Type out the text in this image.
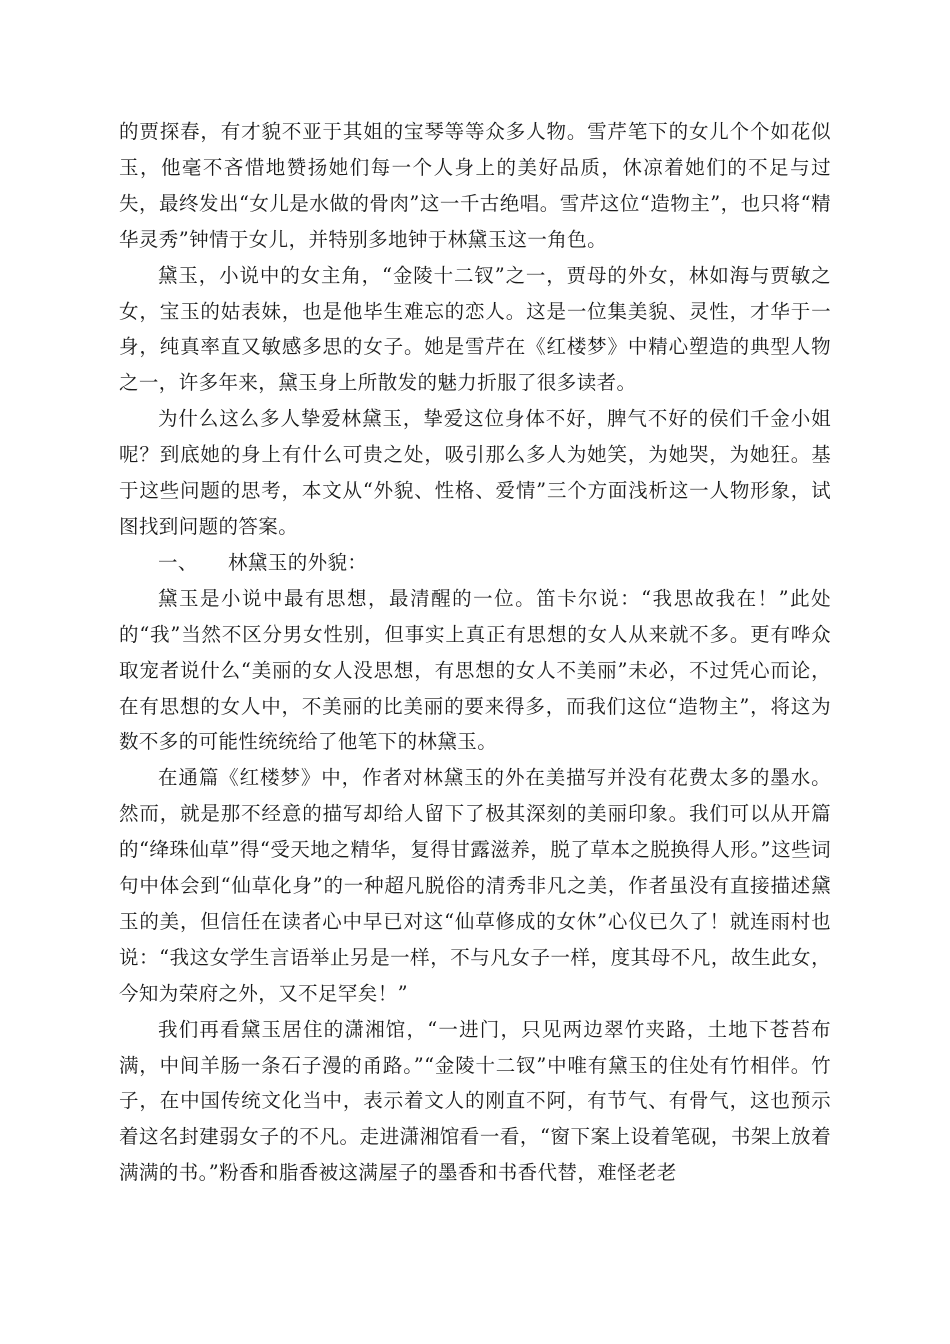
的贾探春，有才貌不亚于其姐的宝琴等等众多人物。雪芹笔下的女儿个个如花似玉，他毫不吝惜地赞扬她们每一个人身上的美好品质，休凉着她们的不足与过失，最终发出“女儿是水做的骨肉”这一千古绝唱。雪芹这位“造物主”，也只将“精华灵秀”钟情于女儿，并特别多地钟于林黛玉这一角色。

黛玉，小说中的女主角，“金陵十二钗”之一，贾母的外女，林如海与贾敏之女，宝玉的姑表妹，也是他毕生难忘的恋人。这是一位集美貌、灵性，才华于一身，纯真率直又敏感多思的女子。她是雪芹在《红楼梦》中精心塑造的典型人物之一，许多年来，黛玉身上所散发的魅力折服了很多读者。

为什么这么多人挚爱林黛玉，挚爱这位身体不好，脾气不好的侯们千金小姐呢？到底她的身上有什么可贵之处，吸引那么多人为她笑，为她哭，为她狂。基于这些问题的思考，本文从“外貌、性格、爱情”三个方面浅析这一人物形象，试图找到问题的答案。

一、 林黛玉的外貌：

黛玉是小说中最有思想，最清醒的一位。笛卡尔说：“我思故我在！”此处的“我”当然不区分男女性别，但事实上真正有思想的女人从来就不多。更有哗众取宠者说什么“美丽的女人没思想，有思想的女人不美丽”未必，不过凭心而论，在有思想的女人中，不美丽的比美丽的要来得多，而我们这位“造物主”，将这为数不多的可能性统统给了他笔下的林黛玉。

在通篇《红楼梦》中，作者对林黛玉的外在美描写并没有花费太多的墨水。然而，就是那不经意的描写却给人留下了极其深刻的美丽印象。我们可以从开篇的“绛珠仙草”得“受天地之精华，复得甘露滋养，脱了草本之脱换得人形。”这些词句中体会到“仙草化身”的一种超凡脱俗的清秀非凡之美，作者虽没有直接描述黛玉的美，但信任在读者心中早已对这“仙草修成的女休”心仪已久了！就连雨村也说：“我这女学生言语举止另是一样，不与凡女子一样，度其母不凡，故生此女，今知为荣府之外，又不足罕矣！”

我们再看黛玉居住的潇湘馆，“一进门，只见两边翠竹夹路，土地下苍苔布满，中间羊肠一条石子漫的甬路。”“金陵十二钗”中唯有黛玉的住处有竹相伴。竹子，在中国传统文化当中，表示着文人的刚直不阿，有节气、有骨气，这也预示着这名封建弱女子的不凡。走进潇湘馆看一看，“窗下案上设着笔砚，书架上放着满满的书。”粉香和脂香被这满屋子的墨香和书香代替，难怪老老
